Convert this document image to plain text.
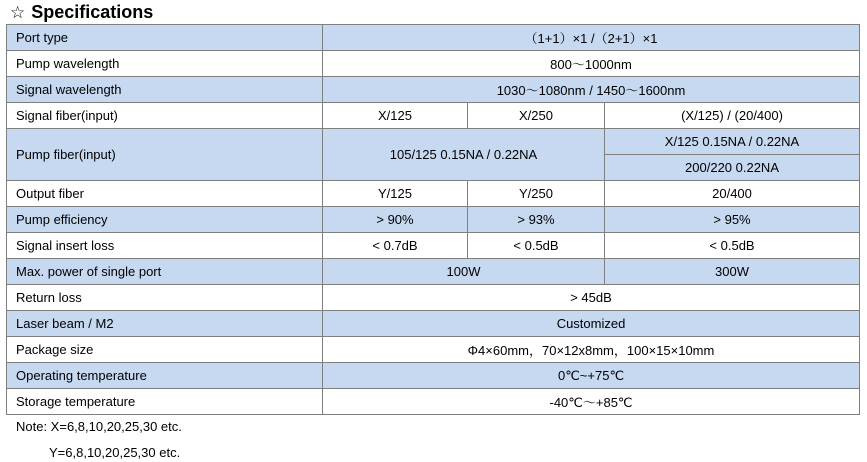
☆ Specifications
Port type	（1+1）×1 /（2+1）×1		
Pump wavelength	800～1000nm		
Signal wavelength	1030～1080nm / 1450～1600nm		
Signal fiber(input)	X/125	X/250	(X/125) / (20/400)
Pump fiber(input)	105/125 0.15NA / 0.22NA		X/125 0.15NA / 0.22NA
			200/220 0.22NA
Output fiber	Y/125	Y/250	20/400
Pump efficiency	> 90%	> 93%	> 95%
Signal insert loss	< 0.7dB	< 0.5dB	< 0.5dB
Max. power of single port	100W		300W
Return loss	> 45dB		
Laser beam / M2	Customized		
Package size	Φ4×60mm，70×12x8mm，100×15×10mm		
Operating temperature	0℃~+75℃		
Storage temperature	-40℃～+85℃		
Note: X=6,8,10,20,25,30 etc.
Y=6,8,10,20,25,30 etc.
